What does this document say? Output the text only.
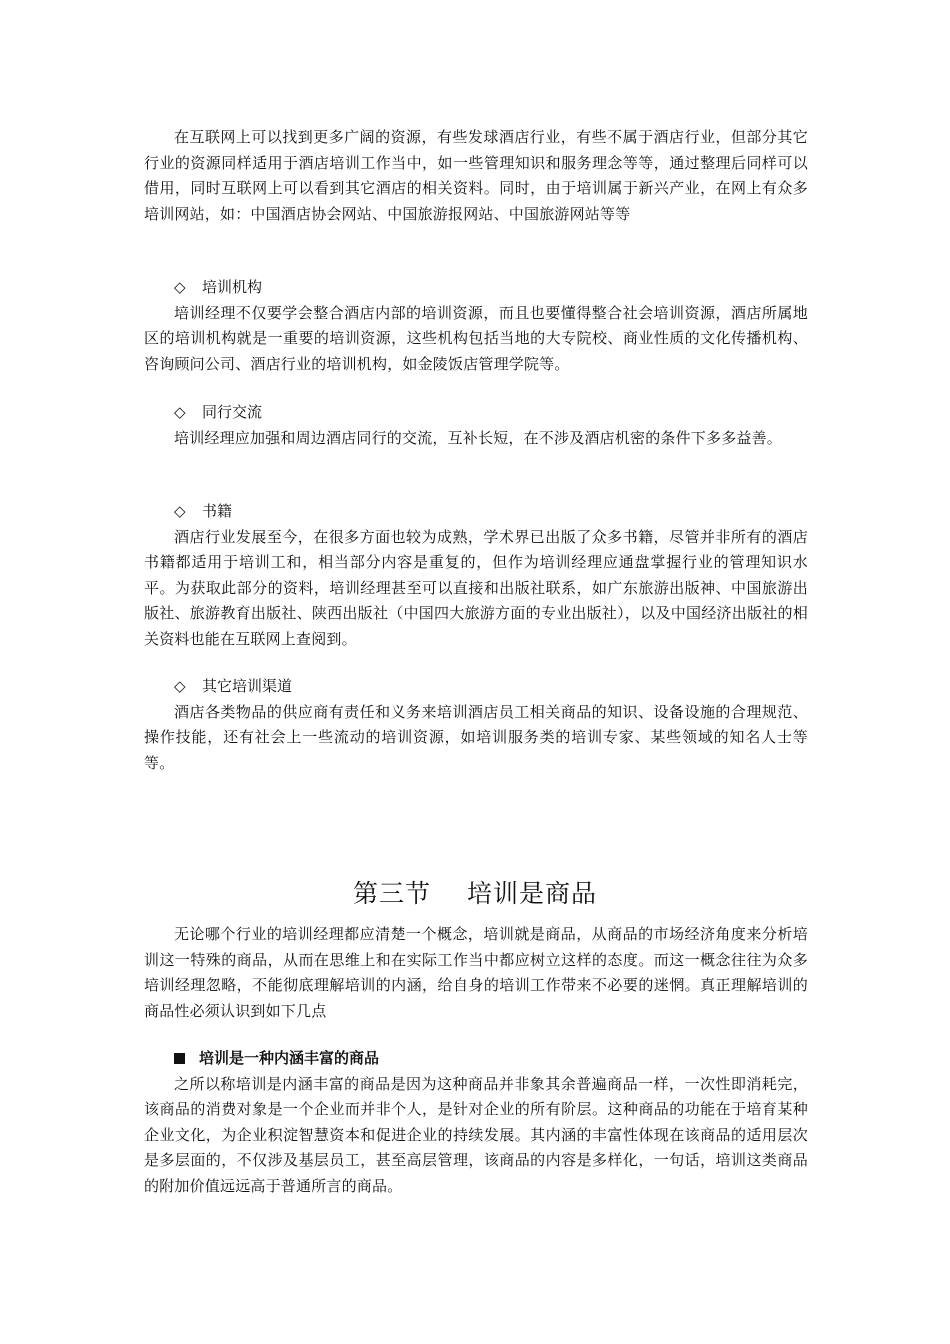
在互联网上可以找到更多广阔的资源，有些发球酒店行业，有些不属于酒店行业，但部分其它行业的资源同样适用于酒店培训工作当中，如一些管理知识和服务理念等等，通过整理后同样可以借用，同时互联网上可以看到其它酒店的相关资料。同时，由于培训属于新兴产业，在网上有众多培训网站，如：中国酒店协会网站、中国旅游报网站、中国旅游网站等等

◇ 培训机构

培训经理不仅要学会整合酒店内部的培训资源，而且也要懂得整合社会培训资源，酒店所属地区的培训机构就是一重要的培训资源，这些机构包括当地的大专院校、商业性质的文化传播机构、咨询顾问公司、酒店行业的培训机构，如金陵饭店管理学院等。

◇ 同行交流

培训经理应加强和周边酒店同行的交流，互补长短，在不涉及酒店机密的条件下多多益善。

◇ 书籍

酒店行业发展至今，在很多方面也较为成熟，学术界已出版了众多书籍，尽管并非所有的酒店书籍都适用于培训工和，相当部分内容是重复的，但作为培训经理应通盘掌握行业的管理知识水平。为获取此部分的资料，培训经理甚至可以直接和出版社联系，如广东旅游出版神、中国旅游出版社、旅游教育出版社、陕西出版社（中国四大旅游方面的专业出版社），以及中国经济出版社的相关资料也能在互联网上查阅到。

◇ 其它培训渠道

酒店各类物品的供应商有责任和义务来培训酒店员工相关商品的知识、设备设施的合理规范、操作技能，还有社会上一些流动的培训资源，如培训服务类的培训专家、某些领域的知名人士等等。

第三节 培训是商品

无论哪个行业的培训经理都应清楚一个概念，培训就是商品，从商品的市场经济角度来分析培训这一特殊的商品，从而在思维上和在实际工作当中都应树立这样的态度。而这一概念往往为众多培训经理忽略，不能彻底理解培训的内涵，给自身的培训工作带来不必要的迷惘。真正理解培训的商品性必须认识到如下几点

培训是一种内涵丰富的商品

之所以称培训是内涵丰富的商品是因为这种商品并非象其余普遍商品一样，一次性即消耗完，该商品的消费对象是一个企业而并非个人，是针对企业的所有阶层。这种商品的功能在于培育某种企业文化，为企业积淀智慧资本和促进企业的持续发展。其内涵的丰富性体现在该商品的适用层次是多层面的，不仅涉及基层员工，甚至高层管理，该商品的内容是多样化，一句话，培训这类商品的附加价值远远高于普通所言的商品。
